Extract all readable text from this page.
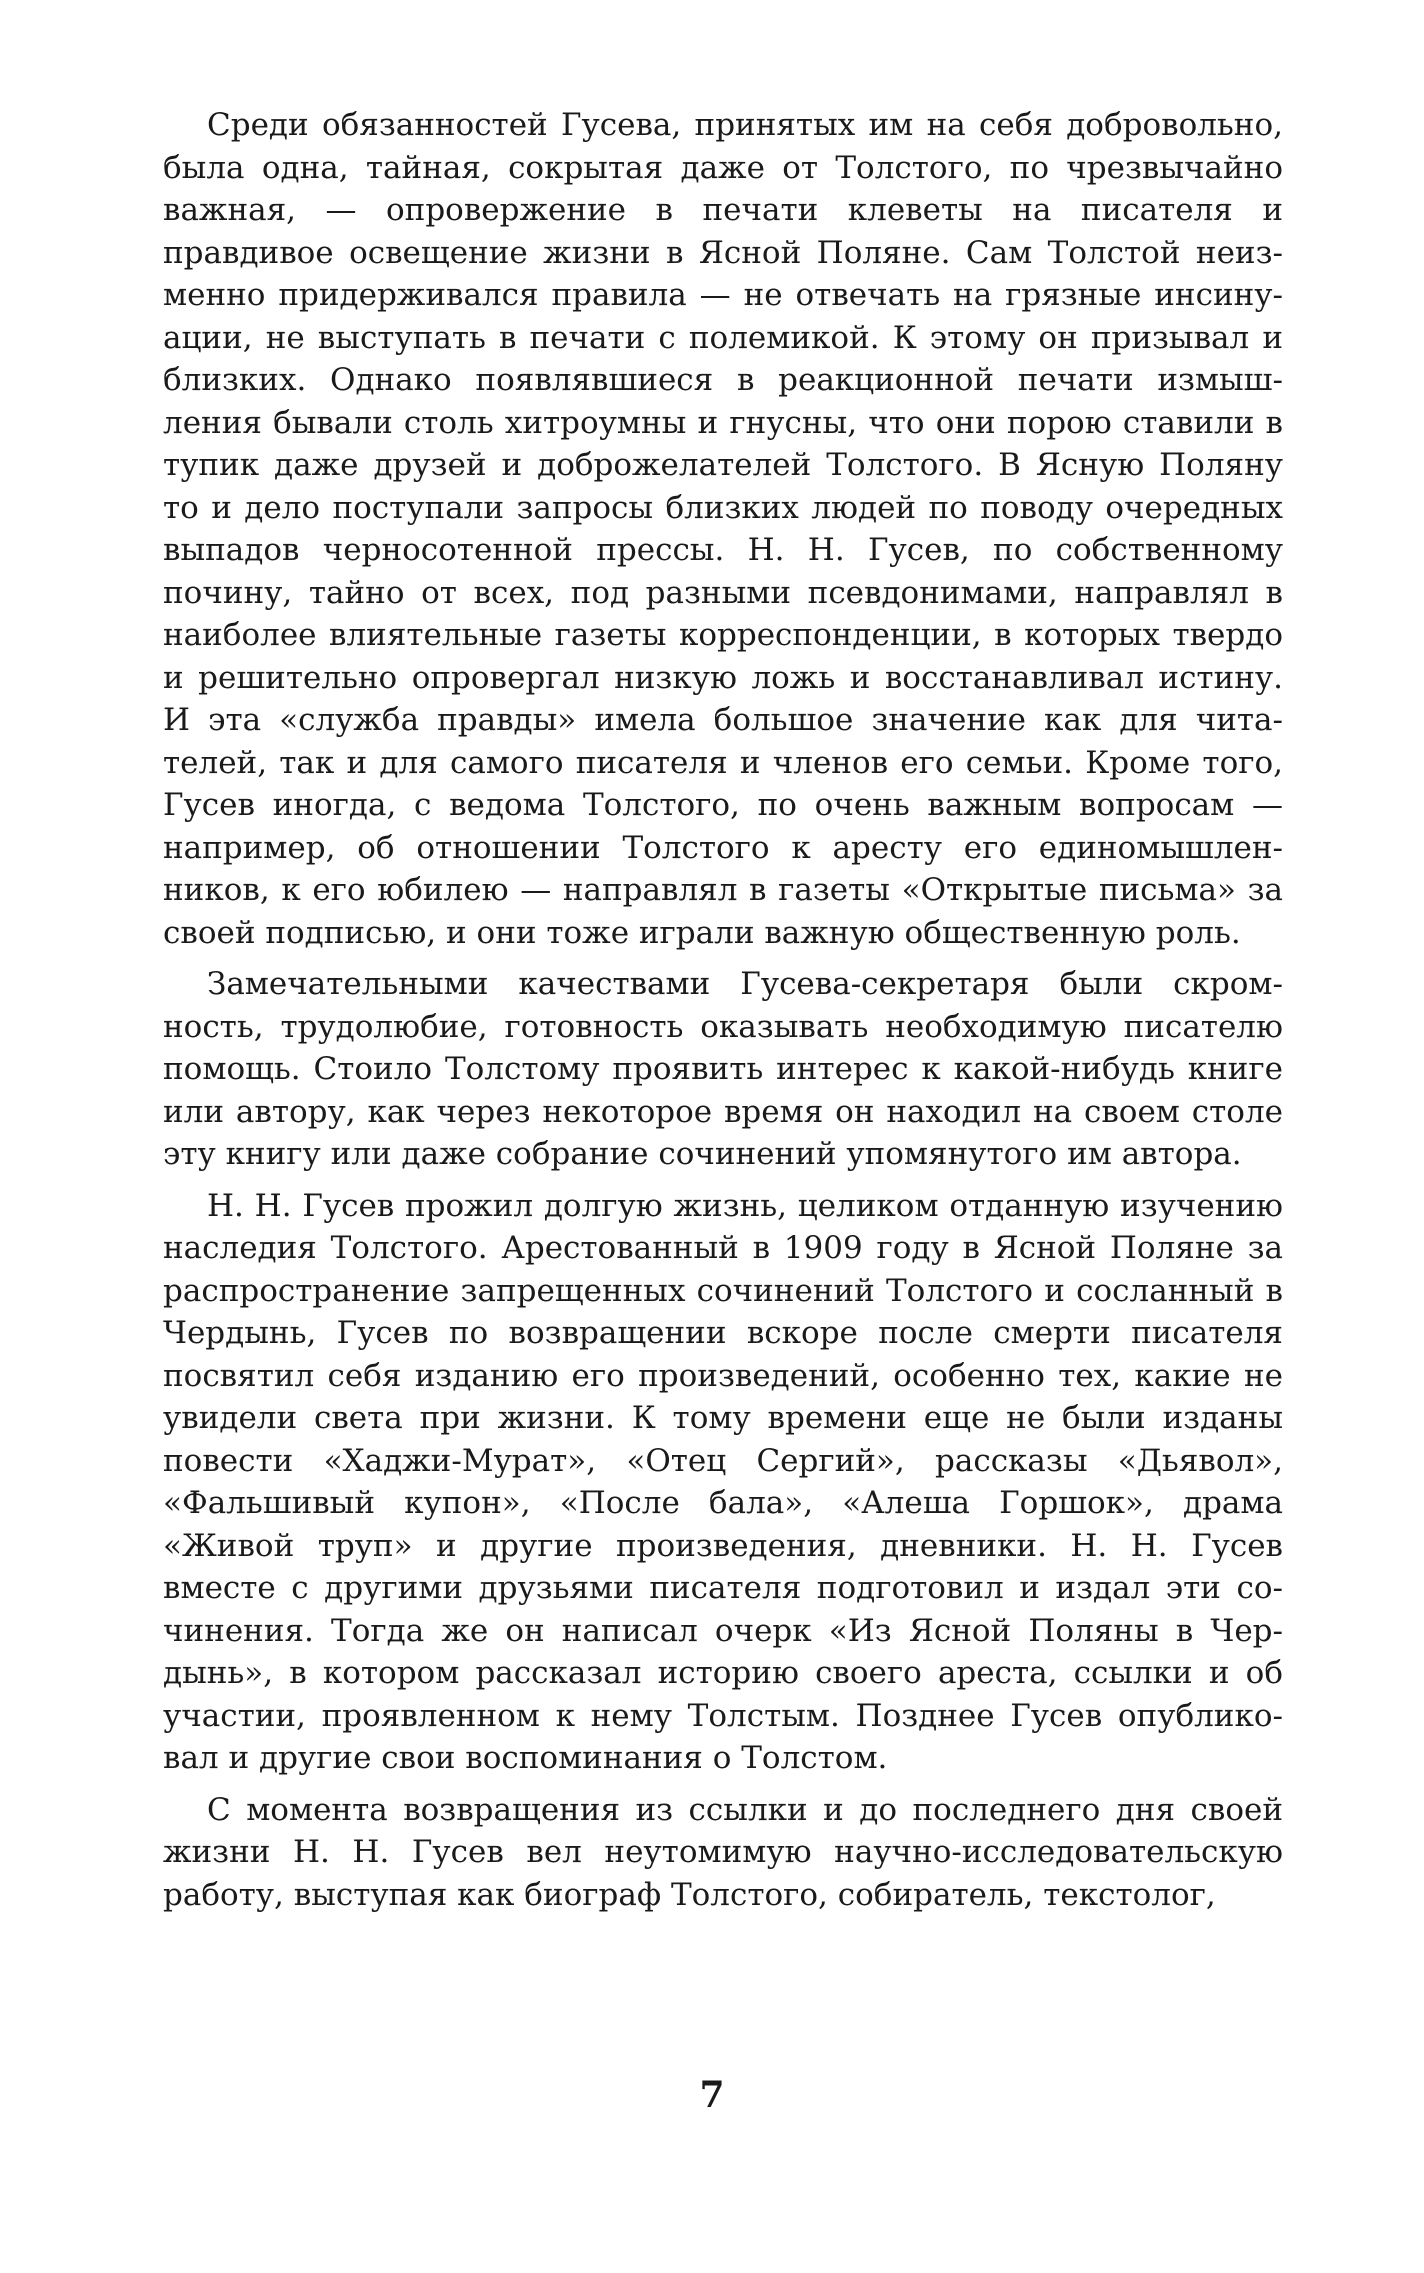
Среди обязанностей Гусева, принятых им на себя добровольно, была одна, тайная, сокрытая даже от Толстого, по чрезвычайно важная, — опровержение в печати клеветы на писателя и правдивое освещение жизни в Ясной Поляне. Сам Толстой неизменно придерживался правила — не отвечать на грязные инсинуации, не выступать в печати с полемикой. К этому он призывал и близких. Однако появлявшиеся в реакционной печати измышления бывали столь хитроумны и гнусны, что они порою ставили в тупик даже друзей и доброжелателей Толстого. В Ясную Поляну то и дело поступали запросы близких людей по поводу очередных выпадов черносотенной прессы. Н. Н. Гусев, по собственному почину, тайно от всех, под разными псевдонимами, направлял в наиболее влиятельные газеты корреспонденции, в которых твердо и решительно опровергал низкую ложь и восстанавливал истину. И эта «служба правды» имела большое значение как для читателей, так и для самого писателя и членов его семьи. Кроме того, Гусев иногда, с ведома Толстого, по очень важным вопросам — например, об отношении Толстого к аресту его единомышленников, к его юбилею — направлял в газеты «Открытые письма» за своей подписью, и они тоже играли важную общественную роль.

Замечательными качествами Гусева-секретаря были скромность, трудолюбие, готовность оказывать необходимую писателю помощь. Стоило Толстому проявить интерес к какой-нибудь книге или автору, как через некоторое время он находил на своем столе эту книгу или даже собрание сочинений упомянутого им автора.

Н. Н. Гусев прожил долгую жизнь, целиком отданную изучению наследия Толстого. Арестованный в 1909 году в Ясной Поляне за распространение запрещенных сочинений Толстого и сосланный в Чердынь, Гусев по возвращении вскоре после смерти писателя посвятил себя изданию его произведений, особенно тех, какие не увидели света при жизни. К тому времени еще не были изданы повести «Хаджи-Мурат», «Отец Сергий», рассказы «Дьявол», «Фальшивый купон», «После бала», «Алеша Горшок», драма «Живой труп» и другие произведения, дневники. Н. Н. Гусев вместе с другими друзьями писателя подготовил и издал эти сочинения. Тогда же он написал очерк «Из Ясной Поляны в Чердынь», в котором рассказал историю своего ареста, ссылки и об участии, проявленном к нему Толстым. Позднее Гусев опубликовал и другие свои воспоминания о Толстом.

С момента возвращения из ссылки и до последнего дня своей жизни Н. Н. Гусев вел неутомимую научно-исследовательскую работу, выступая как биограф Толстого, собиратель, текстолог,

7
